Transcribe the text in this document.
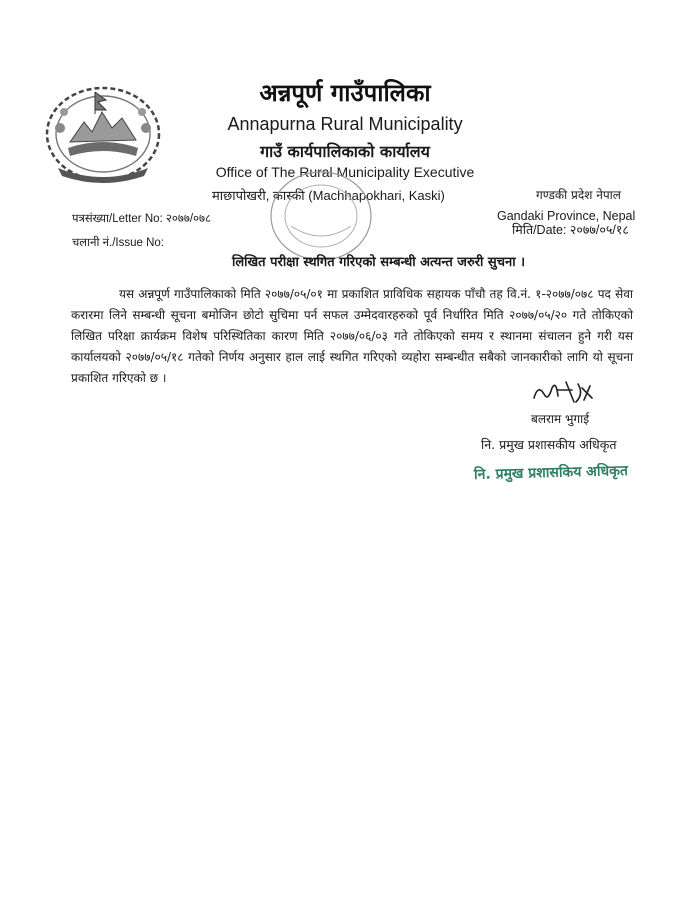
अन्नपूर्ण गाउँपालिका
Annapurna Rural Municipality
गाउँ कार्यपालिकाको कार्यालय
Office of The Rural Municipality Executive
माछापोखरी, कास्की (Machhapokhari, Kaski)	गण्डकी प्रदेश नेपाल
Gandaki Province, Nepal
पत्रसंख्या/Letter No: २०७७/०७८
चलानी नं./Issue No:
मिति/Date: २०७७/०५/१८
लिखित परीक्षा स्थगित गरिएको सम्बन्धी अत्यन्त जरुरी सुचना ।
यस अन्नपूर्ण गाउँपालिकाको मिति २०७७/०५/०१ मा प्रकाशित प्राविधिक सहायक पाँचौ तह वि.नं. १-२०७७/०७८ पद सेवा करारमा लिने सम्बन्धी सूचना बमोजिन छोटो सुचिमा पर्न सफल उम्मेदवारहरुको पूर्व निर्धारित मिति २०७७/०५/२० गते तोकिएको लिखित परिक्षा क्रार्यक्रम विशेष परिस्थितिका कारण मिति २०७७/०६/०३ गते तोकिएको समय र स्थानमा संचालन हुने गरी यस कार्यालयको २०७७/०५/१८ गतेको निर्णय अनुसार हाल लाई स्थगित गरिएको व्यहोरा सम्बन्धीत सबैको जानकारीको लागि यो सूचना प्रकाशित गरिएको छ ।
बलराम भुगाई
नि. प्रमुख प्रशासकीय अधिकृत
नि. प्रमुख प्रशासकिय अधिकृत
